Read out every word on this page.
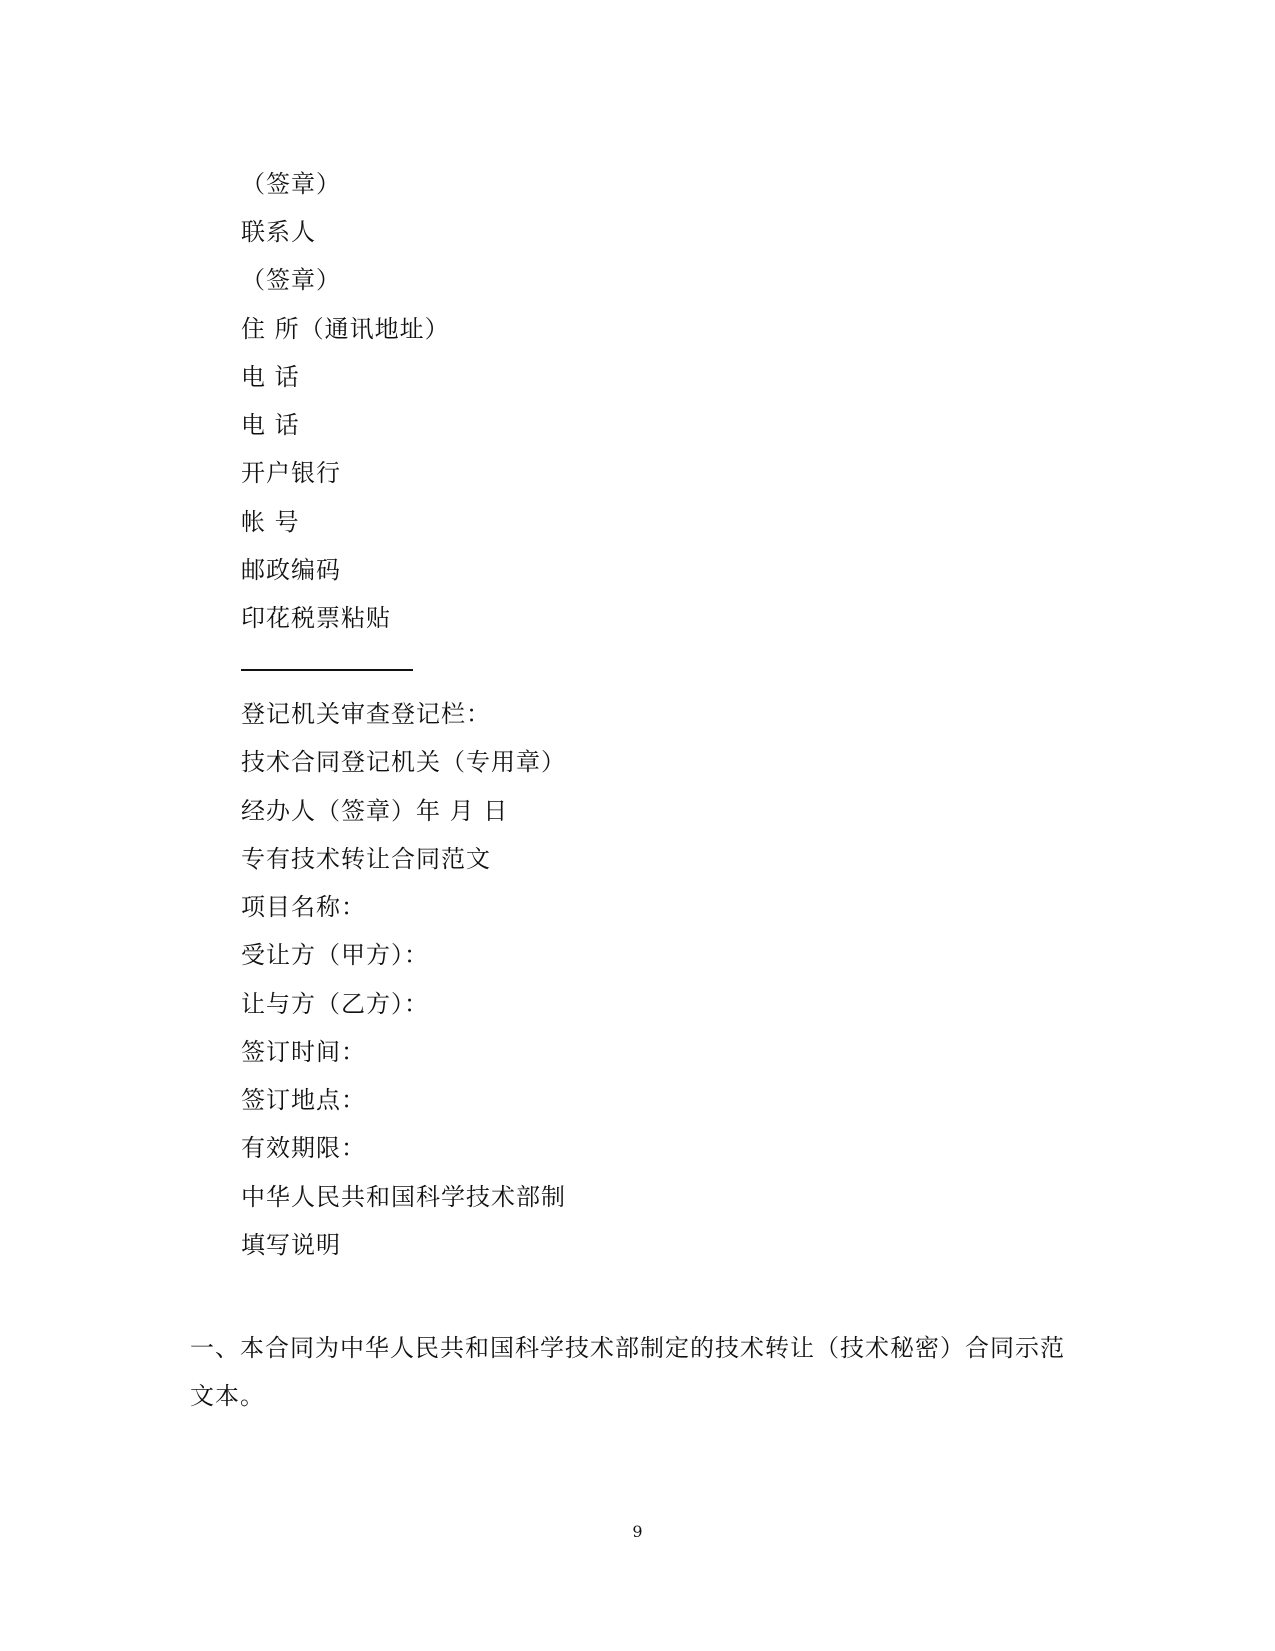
（签章）
联系人
（签章）
住 所（通讯地址）
电 话
电 话
开户银行
帐 号
邮政编码
印花税票粘贴
登记机关审查登记栏：
技术合同登记机关（专用章）
经办人（签章）年 月 日
专有技术转让合同范文
项目名称：
受让方（甲方）：
让与方（乙方）：
签订时间：
签订地点：
有效期限：
中华人民共和国科学技术部制
填写说明
一、本合同为中华人民共和国科学技术部制定的技术转让（技术秘密）合同示范文本。
9
